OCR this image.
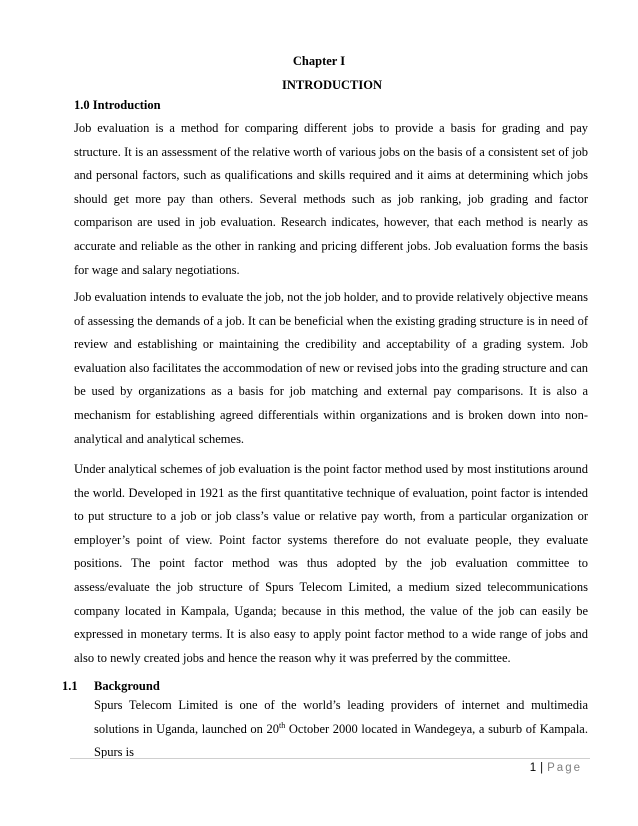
Chapter I
INTRODUCTION
1.0 Introduction

Job evaluation is a method for comparing different jobs to provide a basis for grading and pay structure. It is an assessment of the relative worth of various jobs on the basis of a consistent set of job and personal factors, such as qualifications and skills required and it aims at determining which jobs should get more pay than others. Several methods such as job ranking, job grading and factor comparison are used in job evaluation. Research indicates, however, that each method is nearly as accurate and reliable as the other in ranking and pricing different jobs. Job evaluation forms the basis for wage and salary negotiations.

Job evaluation intends to evaluate the job, not the job holder, and to provide relatively objective means of assessing the demands of a job. It can be beneficial when the existing grading structure is in need of review and establishing or maintaining the credibility and acceptability of a grading system. Job evaluation also facilitates the accommodation of new or revised jobs into the grading structure and can be used by organizations as a basis for job matching and external pay comparisons. It is also a mechanism for establishing agreed differentials within organizations and is broken down into non-analytical and analytical schemes.

Under analytical schemes of job evaluation is the point factor method used by most institutions around the world. Developed in 1921 as the first quantitative technique of evaluation, point factor is intended to put structure to a job or job class’s value or relative pay worth, from a particular organization or employer’s point of view. Point factor systems therefore do not evaluate people, they evaluate positions. The point factor method was thus adopted by the job evaluation committee to assess/evaluate the job structure of Spurs Telecom Limited, a medium sized telecommunications company located in Kampala, Uganda; because in this method, the value of the job can easily be expressed in monetary terms. It is also easy to apply point factor method to a wide range of jobs and also to newly created jobs and hence the reason why it was preferred by the committee.

1.1 Background

Spurs Telecom Limited is one of the world’s leading providers of internet and multimedia solutions in Uganda, launched on 20th October 2000 located in Wandegeya, a suburb of Kampala. Spurs is

1 | Page
